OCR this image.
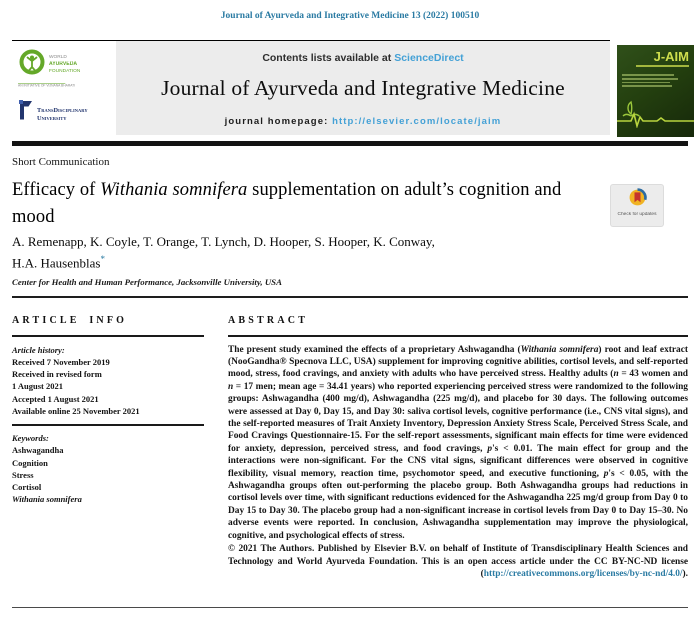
Journal of Ayurveda and Integrative Medicine 13 (2022) 100510
WORLD
AYURVEDA
FOUNDATION
AN INITIATIVE OF VIJNANA BHARATI
TransDisciplinary
University
Contents lists available at ScienceDirect
Journal of Ayurveda and Integrative Medicine
journal homepage: http://elsevier.com/locate/jaim
J-AIM
Short Communication
Efficacy of Withania somnifera supplementation on adult’s cognition and mood	Check for updates
A. Remenapp, K. Coyle, T. Orange, T. Lynch, D. Hooper, S. Hooper, K. Conway,
H.A. Hausenblas*
Center for Health and Human Performance, Jacksonville University, USA
ARTICLE INFO
Article history:
Received 7 November 2019
Received in revised form
1 August 2021
Accepted 1 August 2021
Available online 25 November 2021
Keywords:
Ashwagandha
Cognition
Stress
Cortisol
Withania somnifera
ABSTRACT
The present study examined the effects of a proprietary Ashwagandha (Withania somnifera) root and leaf extract (NooGandha® Specnova LLC, USA) supplement for improving cognitive abilities, cortisol levels, and self-reported mood, stress, food cravings, and anxiety with adults who have perceived stress. Healthy adults (n = 43 women and n = 17 men; mean age = 34.41 years) who reported experiencing perceived stress were randomized to the following groups: Ashwagandha (400 mg/d), Ashwagandha (225 mg/d), and placebo for 30 days. The following outcomes were assessed at Day 0, Day 15, and Day 30: saliva cortisol levels, cognitive performance (i.e., CNS vital signs), and the self-reported measures of Trait Anxiety Inventory, Depression Anxiety Stress Scale, Perceived Stress Scale, and Food Cravings Questionnaire-15. For the self-report assessments, significant main effects for time were evidenced for anxiety, depression, perceived stress, and food cravings, p's < 0.01. The main effect for group and the interactions were non-significant. For the CNS vital signs, significant differences were observed in cognitive flexibility, visual memory, reaction time, psychomotor speed, and executive functioning, p's < 0.05, with the Ashwagandha groups often out-performing the placebo group. Both Ashwagandha groups had reductions in cortisol levels over time, with significant reductions evidenced for the Ashwagandha 225 mg/d group from Day 0 to Day 15 to Day 30. The placebo group had a non-significant increase in cortisol levels from Day 0 to Day 15–30. No adverse events were reported. In conclusion, Ashwagandha supplementation may improve the physiological, cognitive, and psychological effects of stress.
© 2021 The Authors. Published by Elsevier B.V. on behalf of Institute of Transdisciplinary Health Sciences and Technology and World Ayurveda Foundation. This is an open access article under the CC BY-NC-ND license (http://creativecommons.org/licenses/by-nc-nd/4.0/).
